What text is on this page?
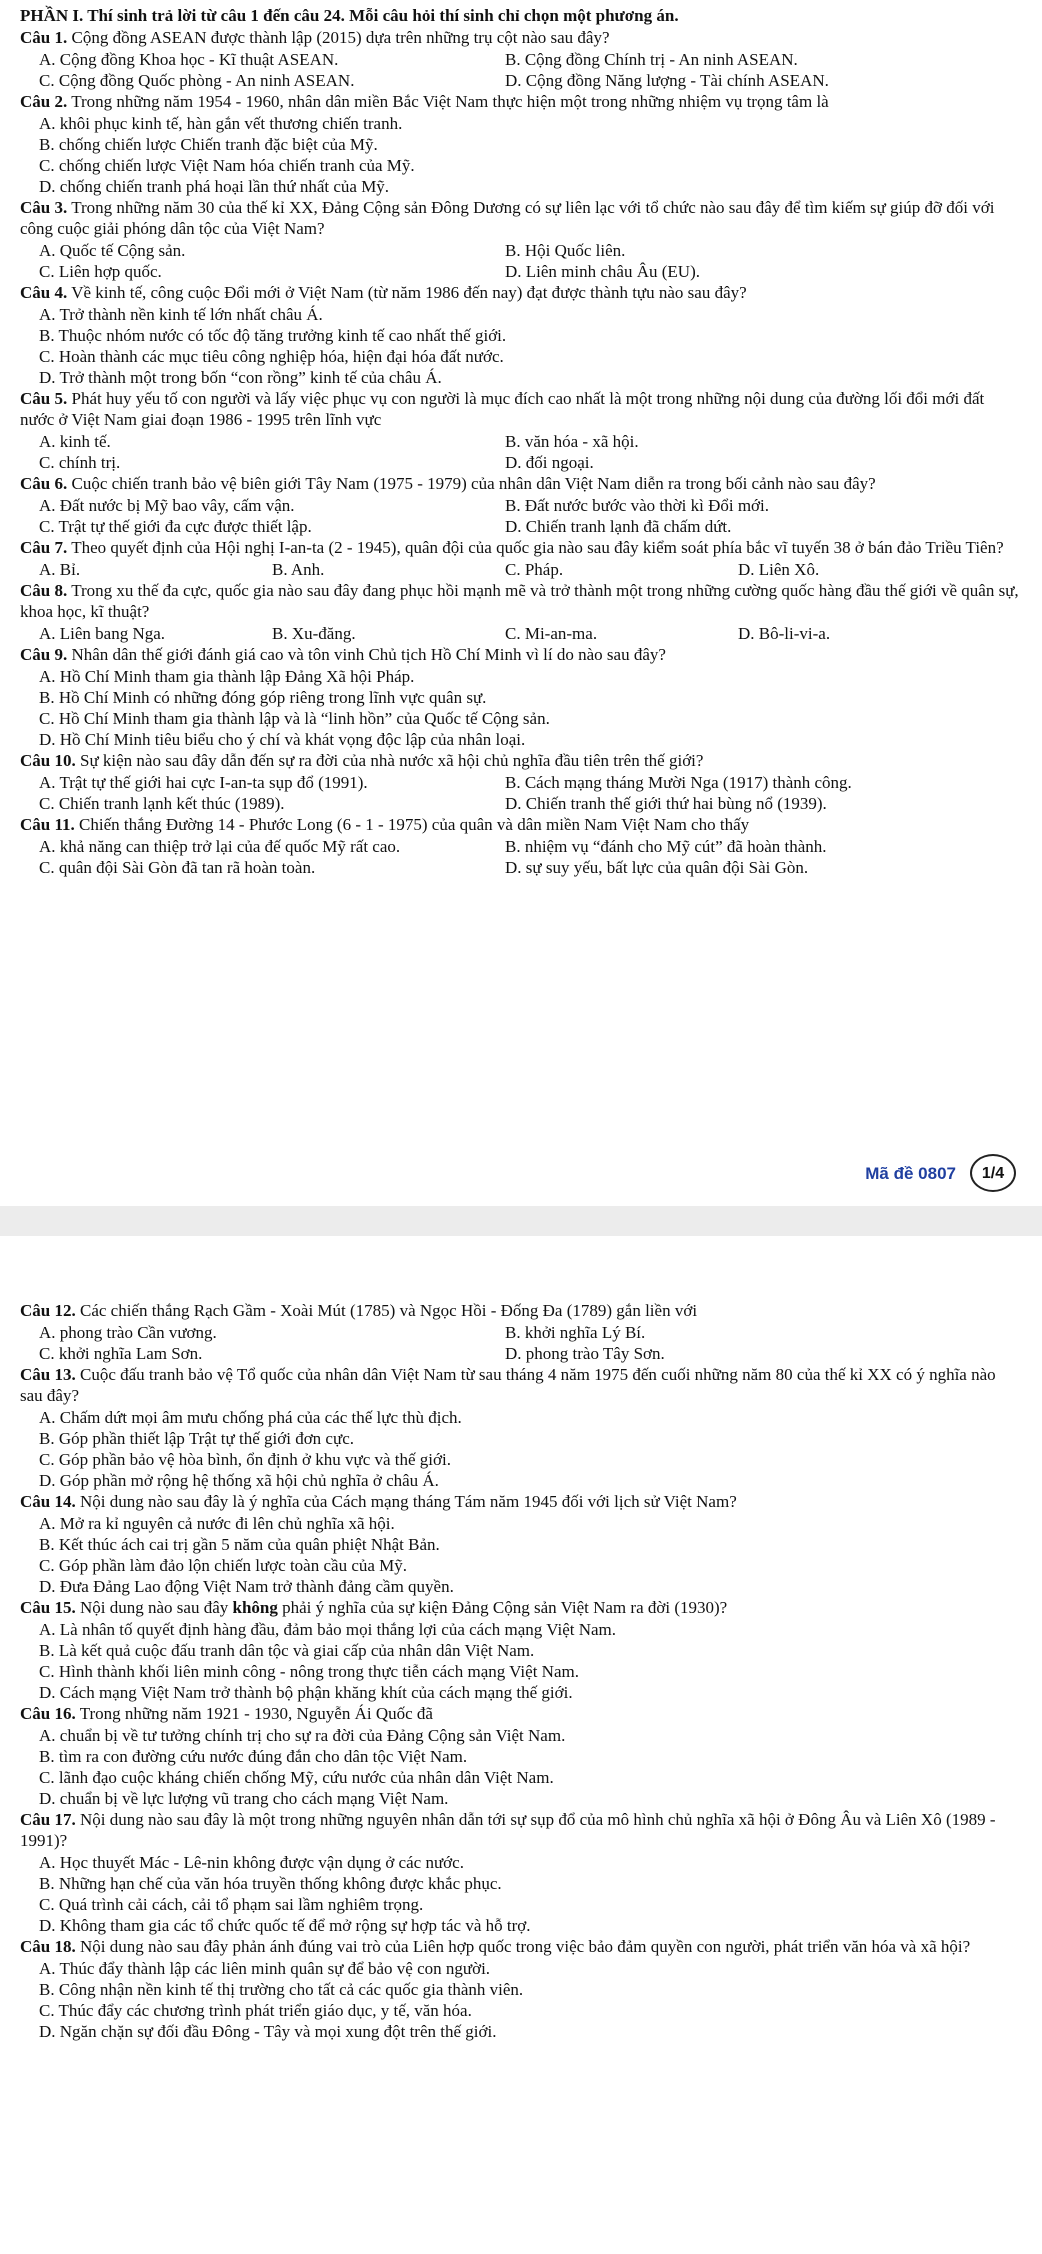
PHẦN I. Thí sinh trả lời từ câu 1 đến câu 24. Mỗi câu hỏi thí sinh chỉ chọn một phương án.
Câu 1. Cộng đồng ASEAN được thành lập (2015) dựa trên những trụ cột nào sau đây?
A. Cộng đồng Khoa học - Kĩ thuật ASEAN.	B. Cộng đồng Chính trị - An ninh ASEAN.
C. Cộng đồng Quốc phòng - An ninh ASEAN.	D. Cộng đồng Năng lượng - Tài chính ASEAN.
Câu 2. Trong những năm 1954 - 1960, nhân dân miền Bắc Việt Nam thực hiện một trong những nhiệm vụ trọng tâm là
A. khôi phục kinh tế, hàn gắn vết thương chiến tranh.
B. chống chiến lược Chiến tranh đặc biệt của Mỹ.
C. chống chiến lược Việt Nam hóa chiến tranh của Mỹ.
D. chống chiến tranh phá hoại lần thứ nhất của Mỹ.
Câu 3. Trong những năm 30 của thế kỉ XX, Đảng Cộng sản Đông Dương có sự liên lạc với tổ chức nào sau đây để tìm kiếm sự giúp đỡ đối với công cuộc giải phóng dân tộc của Việt Nam?
A. Quốc tế Cộng sản.	B. Hội Quốc liên.
C. Liên hợp quốc.	D. Liên minh châu Âu (EU).
Câu 4. Về kinh tế, công cuộc Đổi mới ở Việt Nam (từ năm 1986 đến nay) đạt được thành tựu nào sau đây?
A. Trở thành nền kinh tế lớn nhất châu Á.
B. Thuộc nhóm nước có tốc độ tăng trưởng kinh tế cao nhất thế giới.
C. Hoàn thành các mục tiêu công nghiệp hóa, hiện đại hóa đất nước.
D. Trở thành một trong bốn “con rồng” kinh tế của châu Á.
Câu 5. Phát huy yếu tố con người và lấy việc phục vụ con người là mục đích cao nhất là một trong những nội dung của đường lối đổi mới đất nước ở Việt Nam giai đoạn 1986 - 1995 trên lĩnh vực
A. kinh tế.	B. văn hóa - xã hội.
C. chính trị.	D. đối ngoại.
Câu 6. Cuộc chiến tranh bảo vệ biên giới Tây Nam (1975 - 1979) của nhân dân Việt Nam diễn ra trong bối cảnh nào sau đây?
A. Đất nước bị Mỹ bao vây, cấm vận.	B. Đất nước bước vào thời kì Đổi mới.
C. Trật tự thế giới đa cực được thiết lập.	D. Chiến tranh lạnh đã chấm dứt.
Câu 7. Theo quyết định của Hội nghị I-an-ta (2 - 1945), quân đội của quốc gia nào sau đây kiểm soát phía bắc vĩ tuyến 38 ở bán đảo Triều Tiên?
A. Bỉ.	B. Anh.	C. Pháp.	D. Liên Xô.
Câu 8. Trong xu thế đa cực, quốc gia nào sau đây đang phục hồi mạnh mẽ và trở thành một trong những cường quốc hàng đầu thế giới về quân sự, khoa học, kĩ thuật?
A. Liên bang Nga.	B. Xu-đăng.	C. Mi-an-ma.	D. Bô-li-vi-a.
Câu 9. Nhân dân thế giới đánh giá cao và tôn vinh Chủ tịch Hồ Chí Minh vì lí do nào sau đây?
A. Hồ Chí Minh tham gia thành lập Đảng Xã hội Pháp.
B. Hồ Chí Minh có những đóng góp riêng trong lĩnh vực quân sự.
C. Hồ Chí Minh tham gia thành lập và là “linh hồn” của Quốc tế Cộng sản.
D. Hồ Chí Minh tiêu biểu cho ý chí và khát vọng độc lập của nhân loại.
Câu 10. Sự kiện nào sau đây dẫn đến sự ra đời của nhà nước xã hội chủ nghĩa đầu tiên trên thế giới?
A. Trật tự thế giới hai cực I-an-ta sụp đổ (1991).	B. Cách mạng tháng Mười Nga (1917) thành công.
C. Chiến tranh lạnh kết thúc (1989).	D. Chiến tranh thế giới thứ hai bùng nổ (1939).
Câu 11. Chiến thắng Đường 14 - Phước Long (6 - 1 - 1975) của quân và dân miền Nam Việt Nam cho thấy
A. khả năng can thiệp trở lại của đế quốc Mỹ rất cao.	B. nhiệm vụ “đánh cho Mỹ cút” đã hoàn thành.
C. quân đội Sài Gòn đã tan rã hoàn toàn.	D. sự suy yếu, bất lực của quân đội Sài Gòn.
Mã đề 0807	1/4
Câu 12. Các chiến thắng Rạch Gầm - Xoài Mút (1785) và Ngọc Hồi - Đống Đa (1789) gắn liền với
A. phong trào Cần vương.	B. khởi nghĩa Lý Bí.
C. khởi nghĩa Lam Sơn.	D. phong trào Tây Sơn.
Câu 13. Cuộc đấu tranh bảo vệ Tổ quốc của nhân dân Việt Nam từ sau tháng 4 năm 1975 đến cuối những năm 80 của thế kỉ XX có ý nghĩa nào sau đây?
A. Chấm dứt mọi âm mưu chống phá của các thế lực thù địch.
B. Góp phần thiết lập Trật tự thế giới đơn cực.
C. Góp phần bảo vệ hòa bình, ổn định ở khu vực và thế giới.
D. Góp phần mở rộng hệ thống xã hội chủ nghĩa ở châu Á.
Câu 14. Nội dung nào sau đây là ý nghĩa của Cách mạng tháng Tám năm 1945 đối với lịch sử Việt Nam?
A. Mở ra kỉ nguyên cả nước đi lên chủ nghĩa xã hội.
B. Kết thúc ách cai trị gần 5 năm của quân phiệt Nhật Bản.
C. Góp phần làm đảo lộn chiến lược toàn cầu của Mỹ.
D. Đưa Đảng Lao động Việt Nam trở thành đảng cầm quyền.
Câu 15. Nội dung nào sau đây không phải ý nghĩa của sự kiện Đảng Cộng sản Việt Nam ra đời (1930)?
A. Là nhân tố quyết định hàng đầu, đảm bảo mọi thắng lợi của cách mạng Việt Nam.
B. Là kết quả cuộc đấu tranh dân tộc và giai cấp của nhân dân Việt Nam.
C. Hình thành khối liên minh công - nông trong thực tiễn cách mạng Việt Nam.
D. Cách mạng Việt Nam trở thành bộ phận khăng khít của cách mạng thế giới.
Câu 16. Trong những năm 1921 - 1930, Nguyễn Ái Quốc đã
A. chuẩn bị về tư tưởng chính trị cho sự ra đời của Đảng Cộng sản Việt Nam.
B. tìm ra con đường cứu nước đúng đắn cho dân tộc Việt Nam.
C. lãnh đạo cuộc kháng chiến chống Mỹ, cứu nước của nhân dân Việt Nam.
D. chuẩn bị về lực lượng vũ trang cho cách mạng Việt Nam.
Câu 17. Nội dung nào sau đây là một trong những nguyên nhân dẫn tới sự sụp đổ của mô hình chủ nghĩa xã hội ở Đông Âu và Liên Xô (1989 - 1991)?
A. Học thuyết Mác - Lê-nin không được vận dụng ở các nước.
B. Những hạn chế của văn hóa truyền thống không được khắc phục.
C. Quá trình cải cách, cải tổ phạm sai lầm nghiêm trọng.
D. Không tham gia các tổ chức quốc tế để mở rộng sự hợp tác và hỗ trợ.
Câu 18. Nội dung nào sau đây phản ánh đúng vai trò của Liên hợp quốc trong việc bảo đảm quyền con người, phát triển văn hóa và xã hội?
A. Thúc đẩy thành lập các liên minh quân sự để bảo vệ con người.
B. Công nhận nền kinh tế thị trường cho tất cả các quốc gia thành viên.
C. Thúc đẩy các chương trình phát triển giáo dục, y tế, văn hóa.
D. Ngăn chặn sự đối đầu Đông - Tây và mọi xung đột trên thế giới.
